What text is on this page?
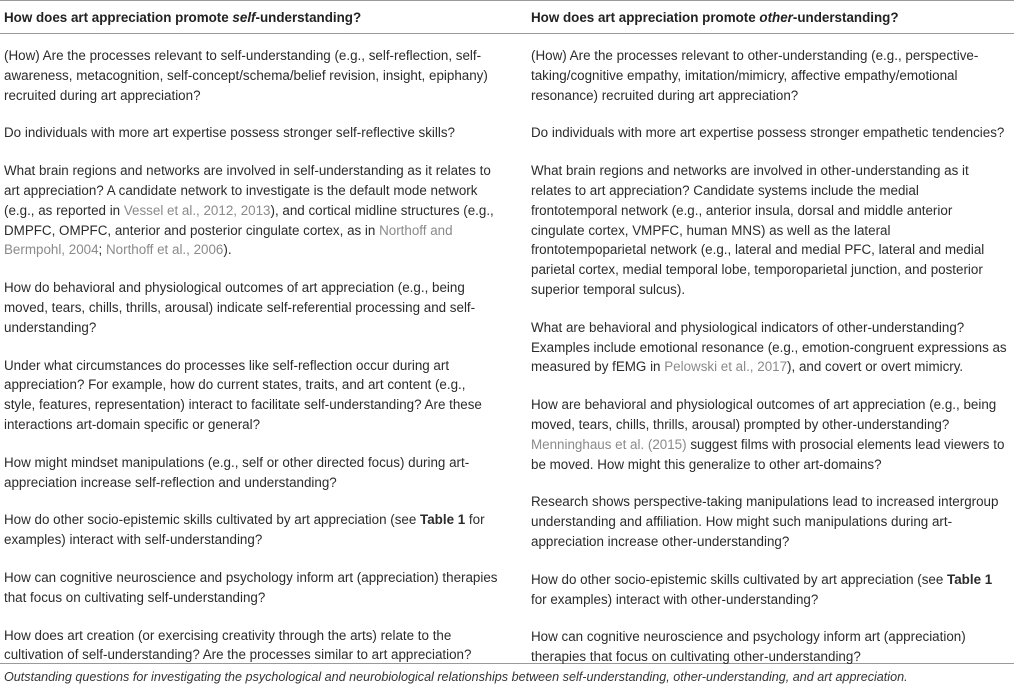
How does art appreciation promote self-understanding?

(How) Are the processes relevant to self-understanding (e.g., self-reflection, self-awareness, metacognition, self-concept/schema/belief revision, insight, epiphany) recruited during art appreciation?

Do individuals with more art expertise possess stronger self-reflective skills?

What brain regions and networks are involved in self-understanding as it relates to art appreciation? A candidate network to investigate is the default mode network (e.g., as reported in Vessel et al., 2012, 2013), and cortical midline structures (e.g., DMPFC, OMPFC, anterior and posterior cingulate cortex, as in Northoff and Bermpohl, 2004; Northoff et al., 2006).

How do behavioral and physiological outcomes of art appreciation (e.g., being moved, tears, chills, thrills, arousal) indicate self-referential processing and self-understanding?

Under what circumstances do processes like self-reflection occur during art appreciation? For example, how do current states, traits, and art content (e.g., style, features, representation) interact to facilitate self-understanding? Are these interactions art-domain specific or general?

How might mindset manipulations (e.g., self or other directed focus) during art-appreciation increase self-reflection and understanding?

How do other socio-epistemic skills cultivated by art appreciation (see Table 1 for examples) interact with self-understanding?

How can cognitive neuroscience and psychology inform art (appreciation) therapies that focus on cultivating self-understanding?

How does art creation (or exercising creativity through the arts) relate to the cultivation of self-understanding? Are the processes similar to art appreciation?

How does art appreciation promote other-understanding?

(How) Are the processes relevant to other-understanding (e.g., perspective-taking/cognitive empathy, imitation/mimicry, affective empathy/emotional resonance) recruited during art appreciation?

Do individuals with more art expertise possess stronger empathetic tendencies?

What brain regions and networks are involved in other-understanding as it relates to art appreciation? Candidate systems include the medial frontotemporal network (e.g., anterior insula, dorsal and middle anterior cingulate cortex, VMPFC, human MNS) as well as the lateral frontotempoparietal network (e.g., lateral and medial PFC, lateral and medial parietal cortex, medial temporal lobe, temporoparietal junction, and posterior superior temporal sulcus).

What are behavioral and physiological indicators of other-understanding? Examples include emotional resonance (e.g., emotion-congruent expressions as measured by fEMG in Pelowski et al., 2017), and covert or overt mimicry.

How are behavioral and physiological outcomes of art appreciation (e.g., being moved, tears, chills, thrills, arousal) prompted by other-understanding? Menninghaus et al. (2015) suggest films with prosocial elements lead viewers to be moved. How might this generalize to other art-domains?

Research shows perspective-taking manipulations lead to increased intergroup understanding and affiliation. How might such manipulations during art-appreciation increase other-understanding?

How do other socio-epistemic skills cultivated by art appreciation (see Table 1 for examples) interact with other-understanding?

How can cognitive neuroscience and psychology inform art (appreciation) therapies that focus on cultivating other-understanding?

Outstanding questions for investigating the psychological and neurobiological relationships between self-understanding, other-understanding, and art appreciation.
